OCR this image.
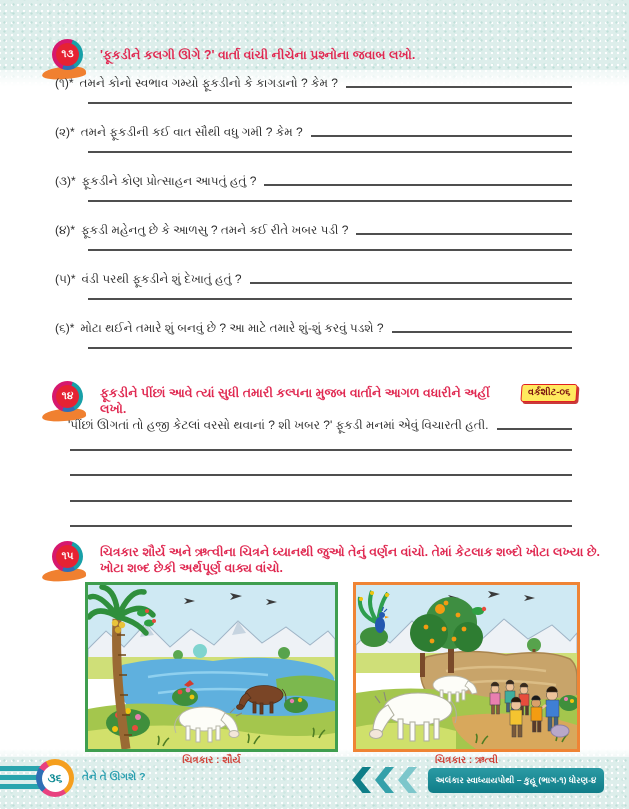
૧૩	'ફૂકડીને કલગી ઊગે ?' વાર્તા વાંચી નીચેના પ્રશ્નોના જવાબ લખો.
(૧)* તમને કોનો સ્વભાવ ગમ્યો ફૂકડીનો કે કાગડાનો ? કેમ ?
(૨)* તમને ફૂકડીની કઈ વાત સૌથી વધુ ગમી ? કેમ ?
(૩)* ફૂકડીને કોણ પ્રોત્સાહન આપતું હતું ?
(૪)* ફૂકડી મહેનતુ છે કે આળસુ ? તમને કઈ રીતે ખબર પડી ?
(૫)* વંડી પરથી ફૂકડીને શું દેખાતું હતું ?
(૬)* મોટા થઈને તમારે શું બનવું છે ? આ માટે તમારે શું-શું કરવું પડશે ?
૧૪	ફૂકડીને પીંછાં આવે ત્યાં સુધી તમારી કલ્પના મુજબ વાર્તાને આગળ વધારીને અહીં લખો.
વર્કશીટ-૦૬
'પીંછાં ઊગતાં તો હજી કેટલાં વરસો થવાનાં ? શી ખબર ?' ફૂકડી મનમાં એવું વિચારતી હતી.
૧૫	ચિત્રકાર શૌર્ય અને ઋત્વીના ચિત્રને ધ્યાનથી જુઓ તેનું વર્ણન વાંચો. તેમાં કેટલાક શબ્દો ખોટા લખ્યા છે. ખોટા શબ્દ છેકી અર્થપૂર્ણ વાક્ય વાંચો.
ચિત્રકાર : શૌર્ય	ચિત્રકાર : ઋત્વી
૩૬	તેને તે ઊગશે ?	અલંકાર સ્વાધ્યાયપોથી – કુહૂ (ભાગ-૧) ધોરણ-૪
